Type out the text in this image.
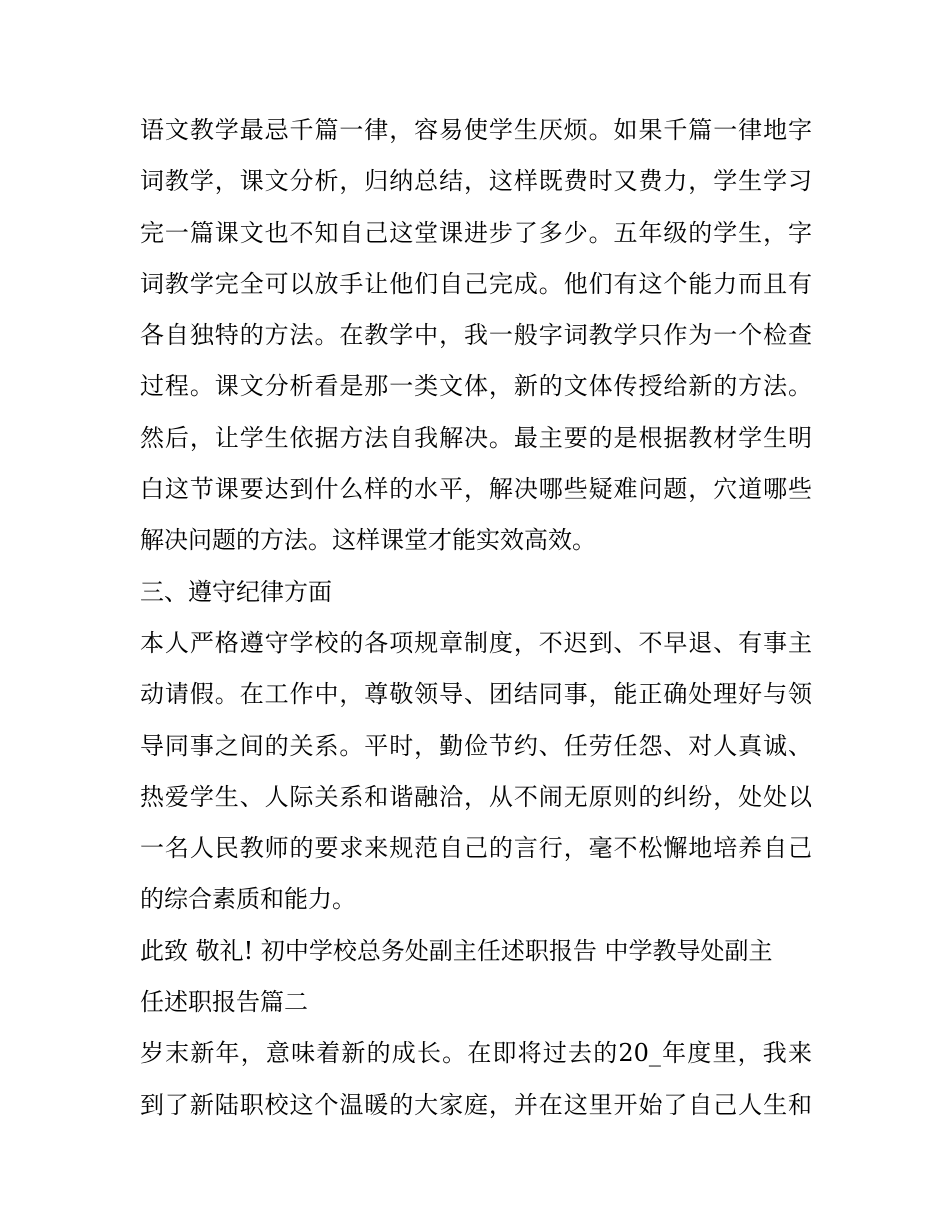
语文教学最忌千篇一律，容易使学生厌烦。如果千篇一律地字
词教学，课文分析，归纳总结，这样既费时又费力，学生学习
完一篇课文也不知自己这堂课进步了多少。五年级的学生，字
词教学完全可以放手让他们自己完成。他们有这个能力而且有
各自独特的方法。在教学中，我一般字词教学只作为一个检查
过程。课文分析看是那一类文体，新的文体传授给新的方法。
然后，让学生依据方法自我解决。最主要的是根据教材学生明
白这节课要达到什么样的水平，解决哪些疑难问题，穴道哪些
解决问题的方法。这样课堂才能实效高效。
三、遵守纪律方面
本人严格遵守学校的各项规章制度，不迟到、不早退、有事主
动请假。在工作中，尊敬领导、团结同事，能正确处理好与领
导同事之间的关系。平时，勤俭节约、任劳任怨、对人真诚、
热爱学生、人际关系和谐融洽，从不闹无原则的纠纷，处处以
一名人民教师的要求来规范自己的言行，毫不松懈地培养自己
的综合素质和能力。
此致 敬礼! 初中学校总务处副主任述职报告 中学教导处副主
任述职报告篇二
岁末新年，意味着新的成长。在即将过去的20_年度里，我来
到了新陆职校这个温暖的大家庭，并在这里开始了自己人生和
